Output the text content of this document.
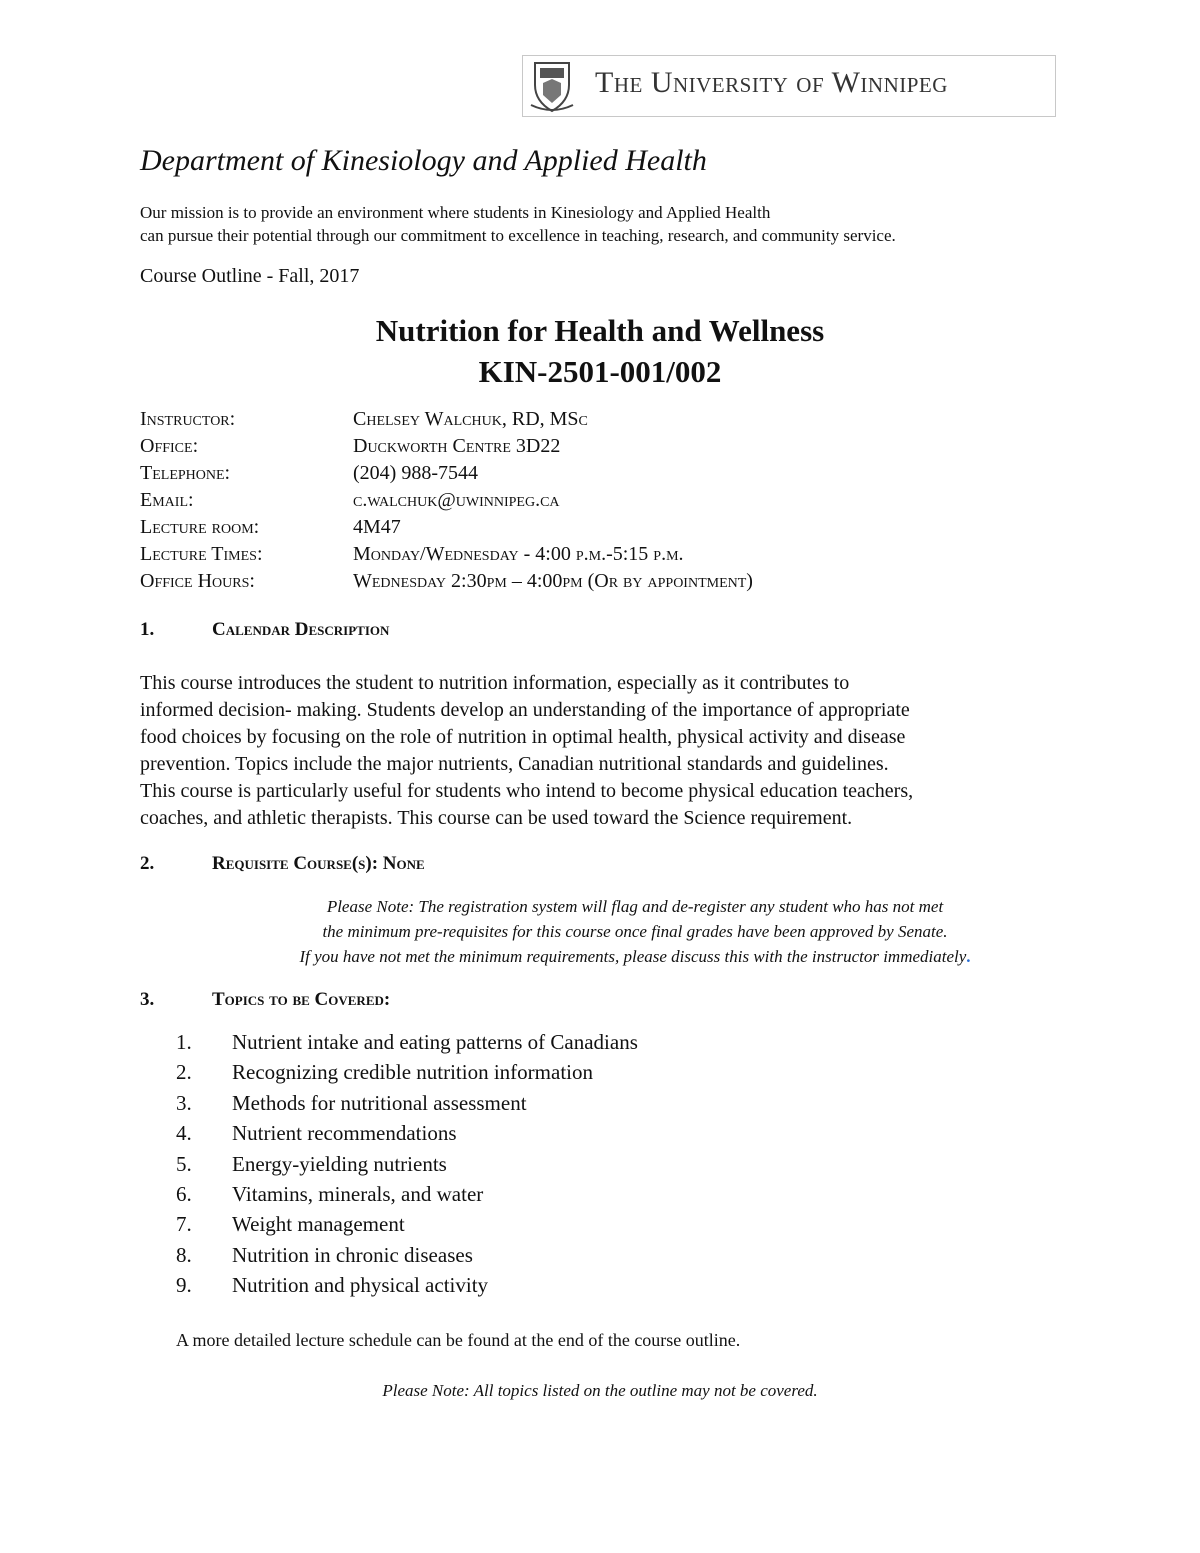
The University of Winnipeg
Department of Kinesiology and Applied Health
Our mission is to provide an environment where students in Kinesiology and Applied Health
can pursue their potential through our commitment to excellence in teaching, research, and community service.
Course Outline - Fall, 2017
Nutrition for Health and Wellness
KIN-2501-001/002
Instructor:	Chelsey Walchuk, RD, MSc
Office:	Duckworth Centre 3D22
Telephone:	(204) 988-7544
Email:	c.walchuk@uwinnipeg.ca
Lecture room:	4M47
Lecture Times:	Monday/Wednesday - 4:00 p.m.-5:15 p.m.
Office Hours:	Wednesday 2:30pm – 4:00pm (Or by appointment)
1.	Calendar Description
This course introduces the student to nutrition information, especially as it contributes to
informed decision- making. Students develop an understanding of the importance of appropriate
food choices by focusing on the role of nutrition in optimal health, physical activity and disease
prevention. Topics include the major nutrients, Canadian nutritional standards and guidelines.
This course is particularly useful for students who intend to become physical education teachers,
coaches, and athletic therapists. This course can be used toward the Science requirement.
2.	Requisite Course(s): None
Please Note: The registration system will flag and de-register any student who has not met
the minimum pre-requisites for this course once final grades have been approved by Senate.
If you have not met the minimum requirements, please discuss this with the instructor immediately.
3.	Topics to be Covered:
1. Nutrient intake and eating patterns of Canadians
2. Recognizing credible nutrition information
3. Methods for nutritional assessment
4. Nutrient recommendations
5. Energy-yielding nutrients
6. Vitamins, minerals, and water
7. Weight management
8. Nutrition in chronic diseases
9. Nutrition and physical activity
A more detailed lecture schedule can be found at the end of the course outline.
Please Note: All topics listed on the outline may not be covered.
